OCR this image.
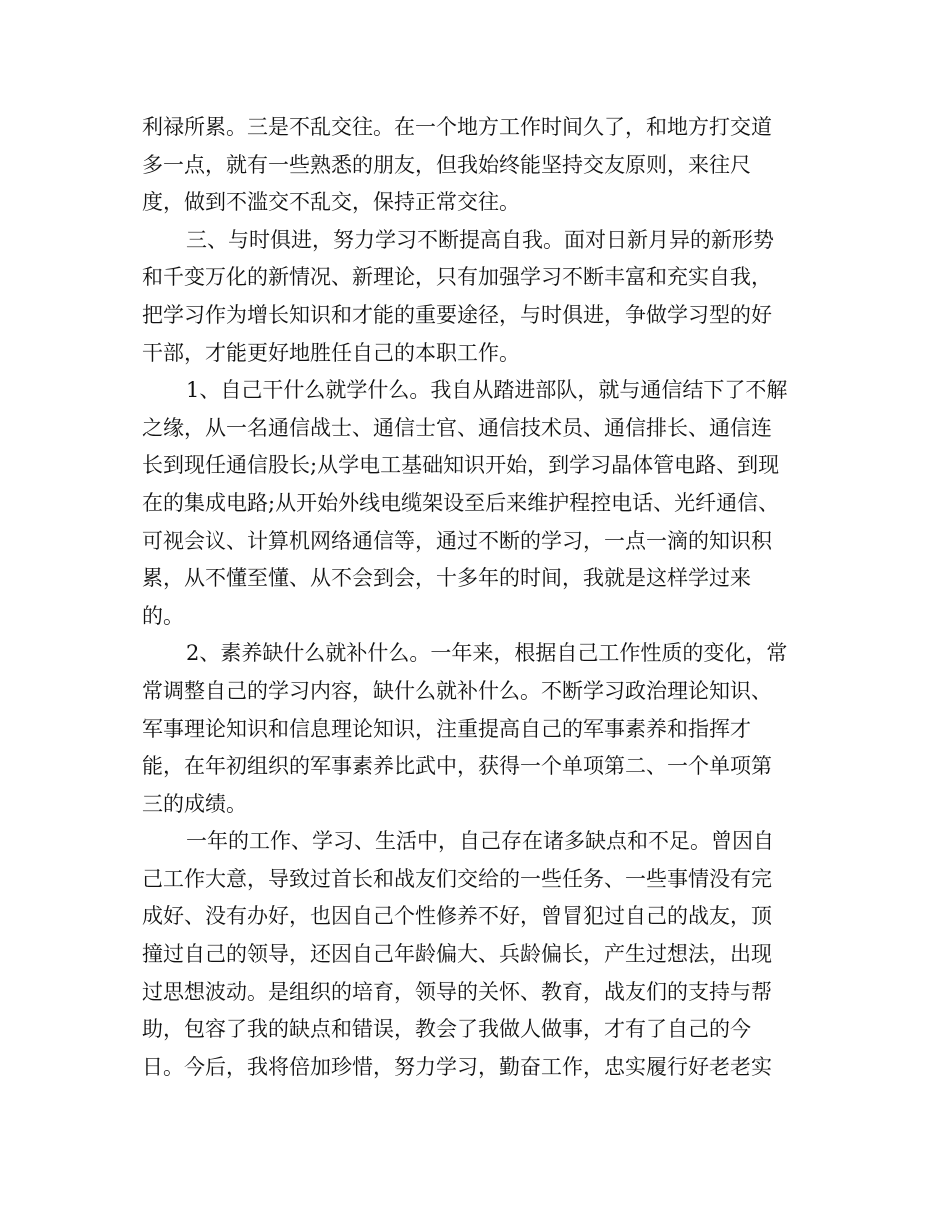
利禄所累。三是不乱交往。在一个地方工作时间久了，和地方打交道
多一点，就有一些熟悉的朋友，但我始终能坚持交友原则，来往尺
度，做到不滥交不乱交，保持正常交往。
三、与时俱进，努力学习不断提高自我。面对日新月异的新形势
和千变万化的新情况、新理论，只有加强学习不断丰富和充实自我，
把学习作为增长知识和才能的重要途径，与时俱进，争做学习型的好
干部，才能更好地胜任自己的本职工作。
1、自己干什么就学什么。我自从踏进部队，就与通信结下了不解
之缘，从一名通信战士、通信士官、通信技术员、通信排长、通信连
长到现任通信股长;从学电工基础知识开始，到学习晶体管电路、到现
在的集成电路;从开始外线电缆架设至后来维护程控电话、光纤通信、
可视会议、计算机网络通信等，通过不断的学习，一点一滴的知识积
累，从不懂至懂、从不会到会，十多年的时间，我就是这样学过来
的。
2、素养缺什么就补什么。一年来，根据自己工作性质的变化，常
常调整自己的学习内容，缺什么就补什么。不断学习政治理论知识、
军事理论知识和信息理论知识，注重提高自己的军事素养和指挥才
能，在年初组织的军事素养比武中，获得一个单项第二、一个单项第
三的成绩。
一年的工作、学习、生活中，自己存在诸多缺点和不足。曾因自
己工作大意，导致过首长和战友们交给的一些任务、一些事情没有完
成好、没有办好，也因自己个性修养不好，曾冒犯过自己的战友，顶
撞过自己的领导，还因自己年龄偏大、兵龄偏长，产生过想法，出现
过思想波动。是组织的培育，领导的关怀、教育，战友们的支持与帮
助，包容了我的缺点和错误，教会了我做人做事，才有了自己的今
日。今后，我将倍加珍惜，努力学习，勤奋工作，忠实履行好老老实
